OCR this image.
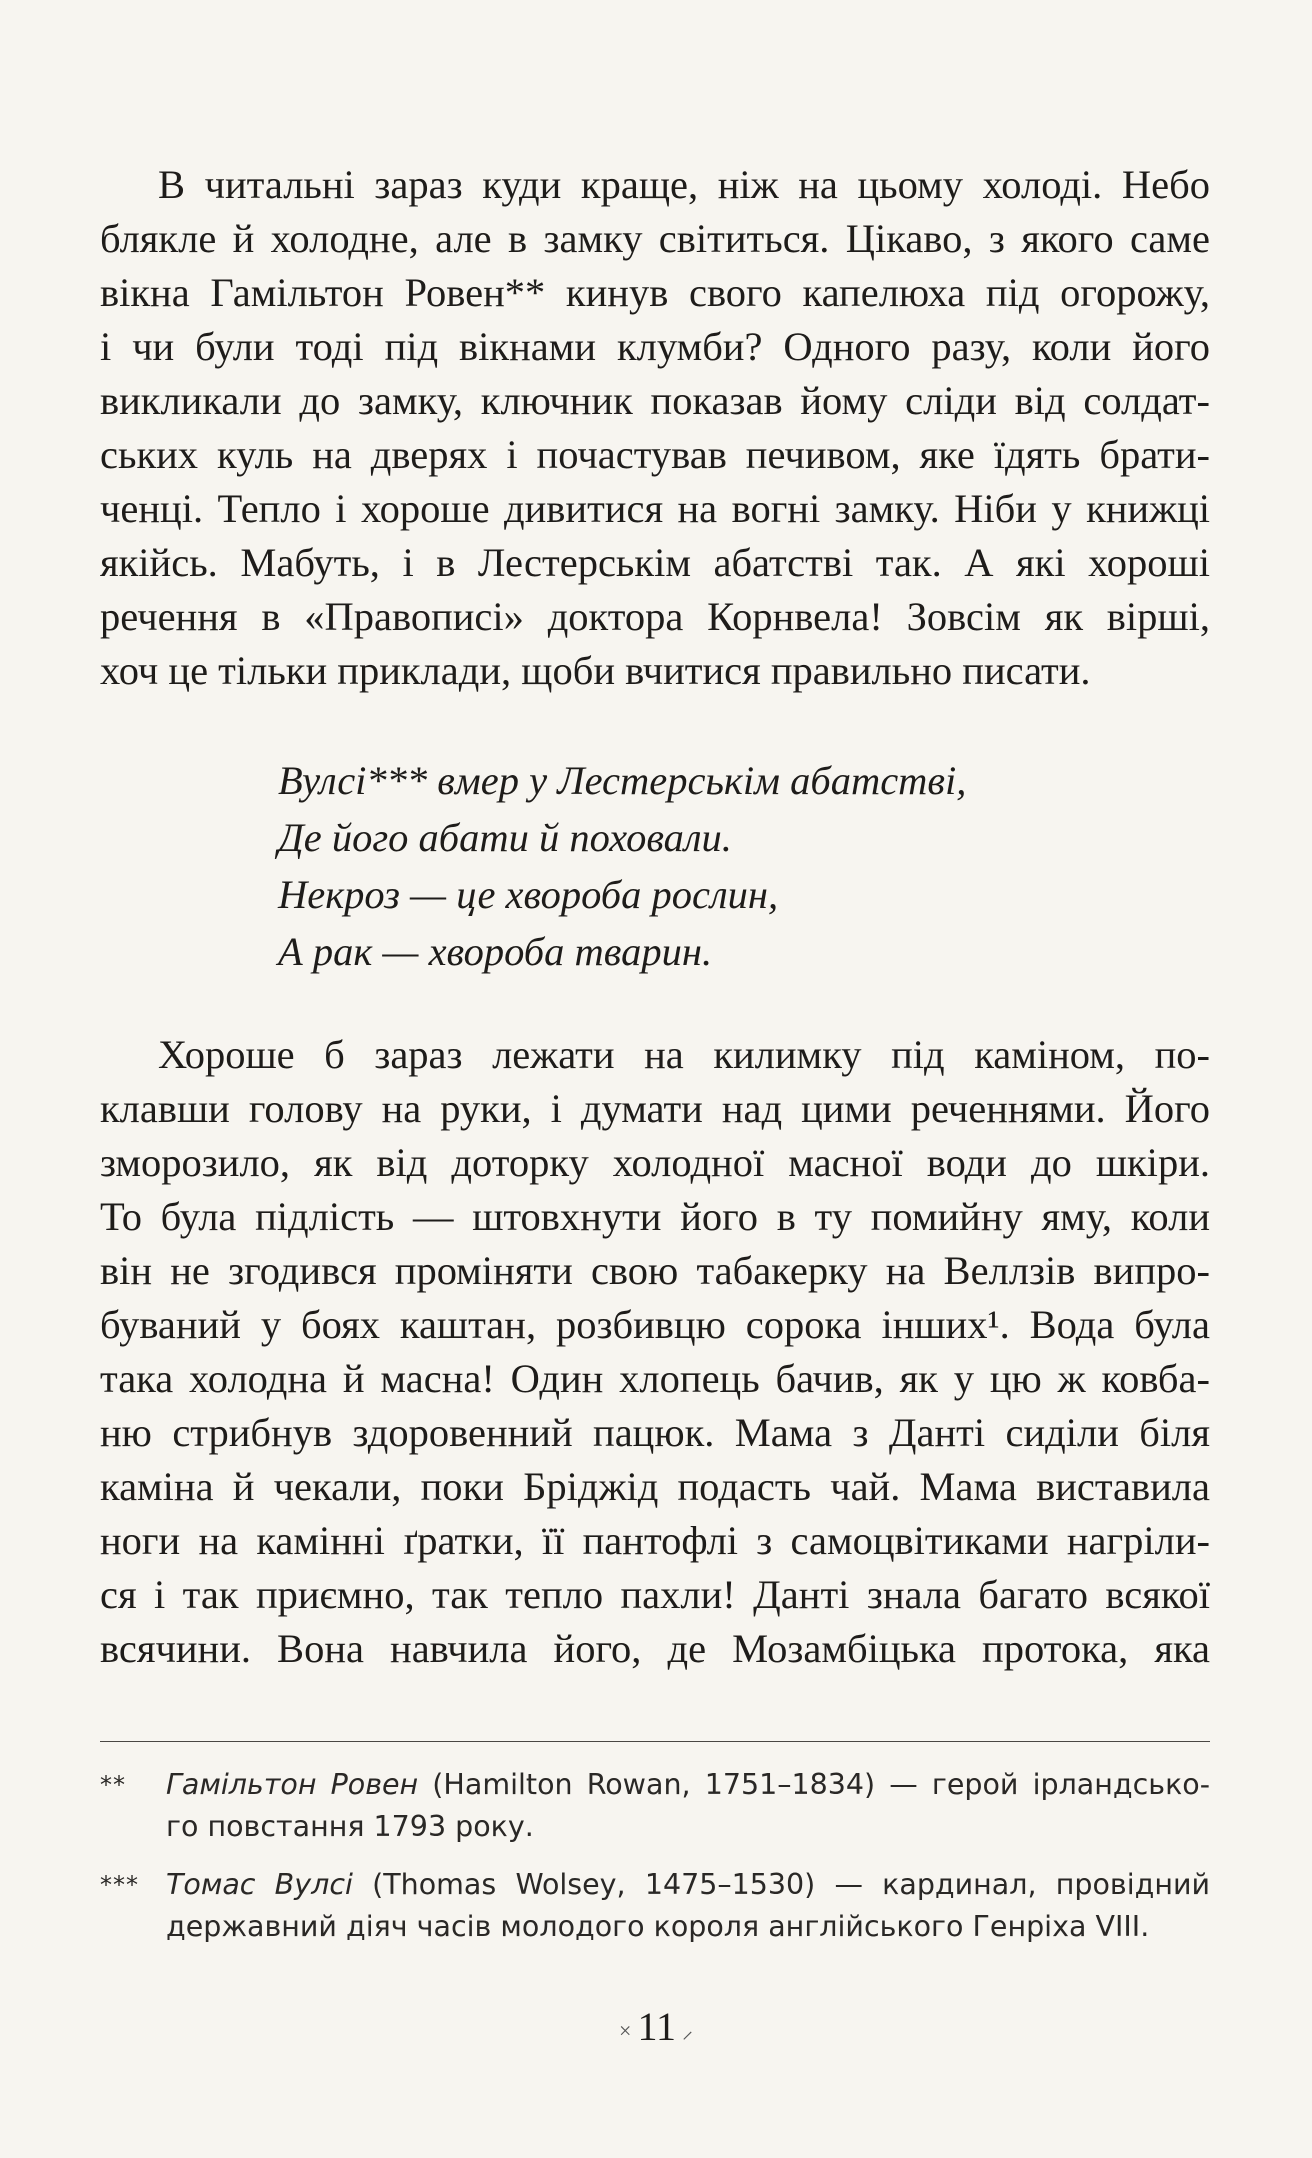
В читальні зараз куди краще, ніж на цьому холоді. Небо
блякле й холодне, але в замку світиться. Цікаво, з якого саме
вікна Гамільтон Ровен** кинув свого капелюха під огорожу,
і чи були тоді під вікнами клумби? Одного разу, коли його
викликали до замку, ключник показав йому сліди від солдат-
ських куль на дверях і почастував печивом, яке їдять брати-
ченці. Тепло і хороше дивитися на вогні замку. Ніби у книжці
якійсь. Мабуть, і в Лестерськім абатстві так. А які хороші
речення в «Правописі» доктора Корнвела! Зовсім як вірші,
хоч це тільки приклади, щоби вчитися правильно писати.
Вулсі*** вмер у Лестерськім абатстві,
Де його абати й поховали.
Некроз — це хвороба рослин,
А рак — хвороба тварин.
Хороше б зараз лежати на килимку під каміном, по-
клавши голову на руки, і думати над цими реченнями. Його
зморозило, як від доторку холодної масної води до шкіри.
То була підлість — штовхнути його в ту помийну яму, коли
він не згодився проміняти свою табакерку на Веллзів випро-
буваний у боях каштан, розбивцю сорока інших¹. Вода була
така холодна й масна! Один хлопець бачив, як у цю ж ковба-
ню стрибнув здоровенний пацюк. Мама з Данті сиділи біля
каміна й чекали, поки Бріджід подасть чай. Мама виставила
ноги на камінні ґратки, її пантофлі з самоцвітиками нагріли-
ся і так приємно, так тепло пахли! Данті знала багато всякої
всячини. Вона навчила його, де Мозамбіцька протока, яка
** Гамільтон Ровен (Hamilton Rowan, 1751–1834) — герой ірландсько-
го повстання 1793 року.
*** Томас Вулсі (Thomas Wolsey, 1475–1530) — кардинал, провідний
державний діяч часів молодого короля англійського Генріха VIII.
× 11 ⸝
